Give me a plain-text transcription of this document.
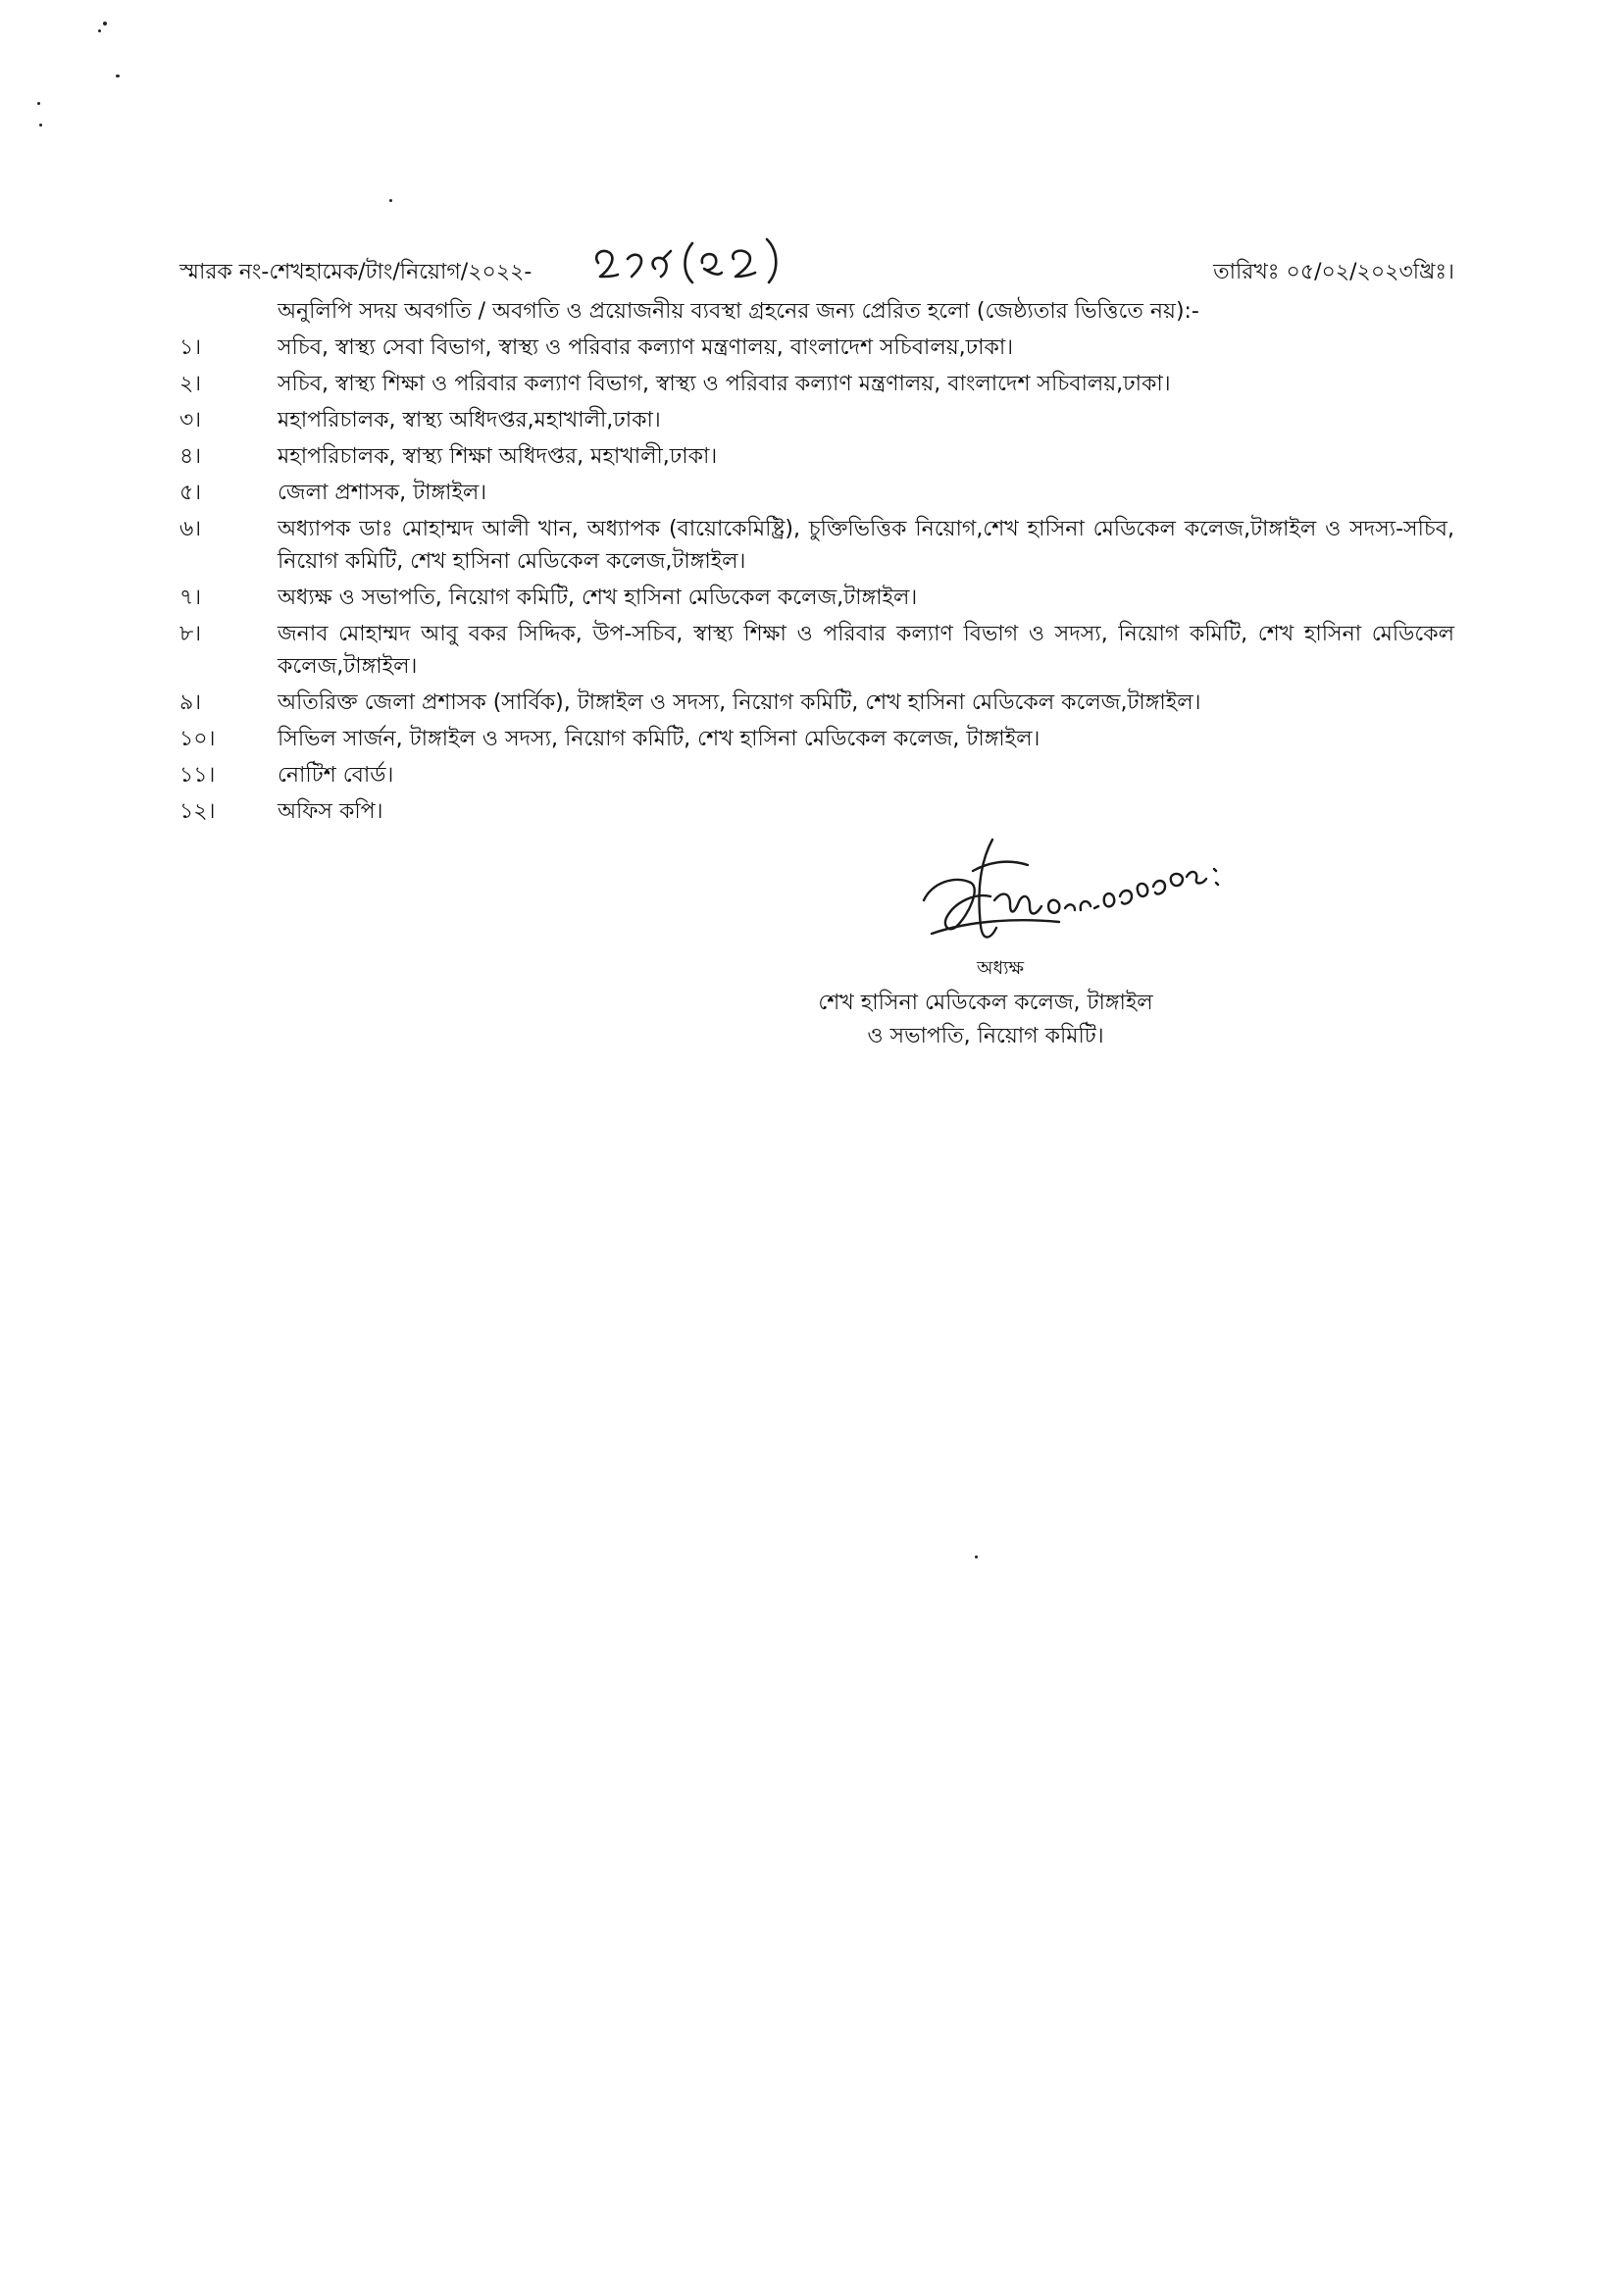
স্মারক নং-শেখহামেক/টাং/নিয়োগ/২০২২-
২৭৮(১২)
তারিখঃ ০৫/০২/২০২৩খ্রিঃ।
অনুলিপি সদয় অবগতি / অবগতি ও প্রয়োজনীয় ব্যবস্থা গ্রহনের জন্য প্রেরিত হলো (জেষ্ঠ্যতার ভিত্তিতে নয়):-
১।	সচিব, স্বাস্থ্য সেবা বিভাগ, স্বাস্থ্য ও পরিবার কল্যাণ মন্ত্রণালয়, বাংলাদেশ সচিবালয়,ঢাকা।
২।	সচিব, স্বাস্থ্য শিক্ষা ও পরিবার কল্যাণ বিভাগ, স্বাস্থ্য ও পরিবার কল্যাণ মন্ত্রণালয়, বাংলাদেশ সচিবালয়,ঢাকা।
৩।	মহাপরিচালক, স্বাস্থ্য অধিদপ্তর,মহাখালী,ঢাকা।
৪।	মহাপরিচালক, স্বাস্থ্য শিক্ষা অধিদপ্তর, মহাখালী,ঢাকা।
৫।	জেলা প্রশাসক, টাঙ্গাইল।
৬।	অধ্যাপক ডাঃ মোহাম্মদ আলী খান, অধ্যাপক (বায়োকেমিষ্ট্রি), চুক্তিভিত্তিক নিয়োগ,শেখ হাসিনা মেডিকেল কলেজ,টাঙ্গাইল ও সদস্য-সচিব, নিয়োগ কমিটি, শেখ হাসিনা মেডিকেল কলেজ,টাঙ্গাইল।
৭।	অধ্যক্ষ ও সভাপতি, নিয়োগ কমিটি, শেখ হাসিনা মেডিকেল কলেজ,টাঙ্গাইল।
৮।	জনাব মোহাম্মদ আবু বকর সিদ্দিক, উপ-সচিব, স্বাস্থ্য শিক্ষা ও পরিবার কল্যাণ বিভাগ ও সদস্য, নিয়োগ কমিটি, শেখ হাসিনা মেডিকেল কলেজ,টাঙ্গাইল।
৯।	অতিরিক্ত জেলা প্রশাসক (সার্বিক), টাঙ্গাইল ও সদস্য, নিয়োগ কমিটি, শেখ হাসিনা মেডিকেল কলেজ,টাঙ্গাইল।
১০।	সিভিল সার্জন, টাঙ্গাইল ও সদস্য, নিয়োগ কমিটি, শেখ হাসিনা মেডিকেল কলেজ, টাঙ্গাইল।
১১।	নোটিশ বোর্ড।
১২।	অফিস কপি।
০৫.০২.২০২৩ইং
অধ্যক্ষ
শেখ হাসিনা মেডিকেল কলেজ, টাঙ্গাইল
ও সভাপতি, নিয়োগ কমিটি।
